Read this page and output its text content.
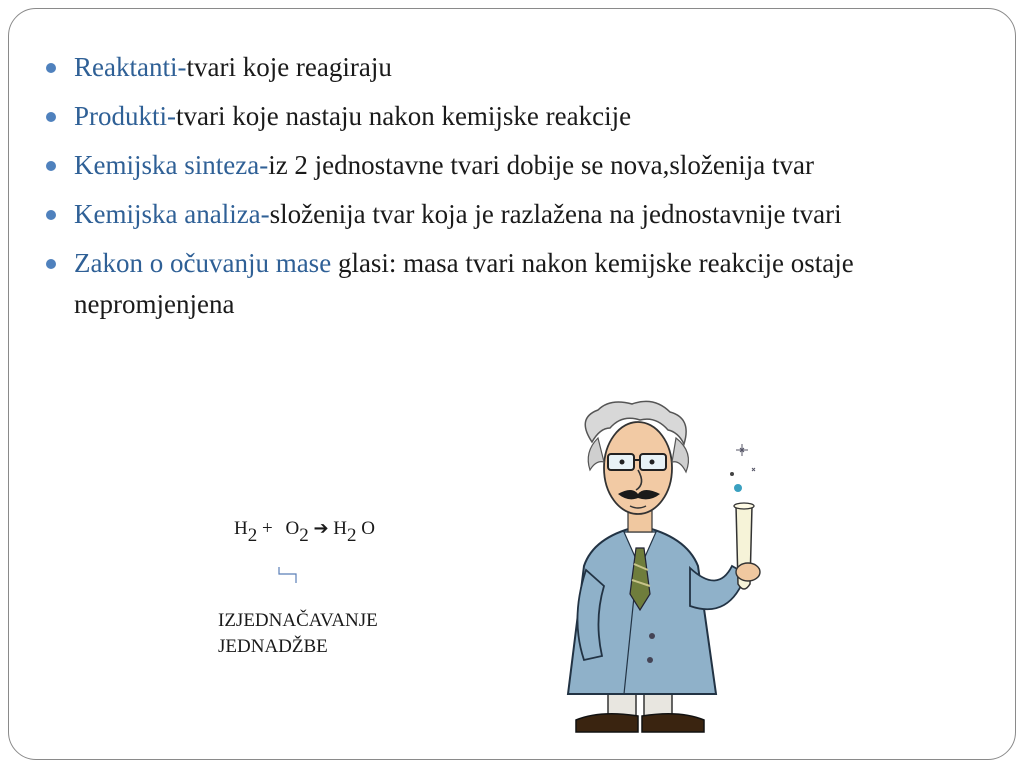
Reaktanti-tvari koje reagiraju
Produkti-tvari koje nastaju nakon kemijske reakcije
Kemijska sinteza-iz 2 jednostavne tvari dobije se nova,složenija tvar
Kemijska analiza-složenija tvar koja je razlažena na jednostavnije tvari
Zakon o očuvanju mase glasi: masa tvari nakon kemijske reakcije ostaje nepromjenjena
H2 + O2 ➔ H2 O
IZJEDNAČAVANJE
JEDNADŽBE
